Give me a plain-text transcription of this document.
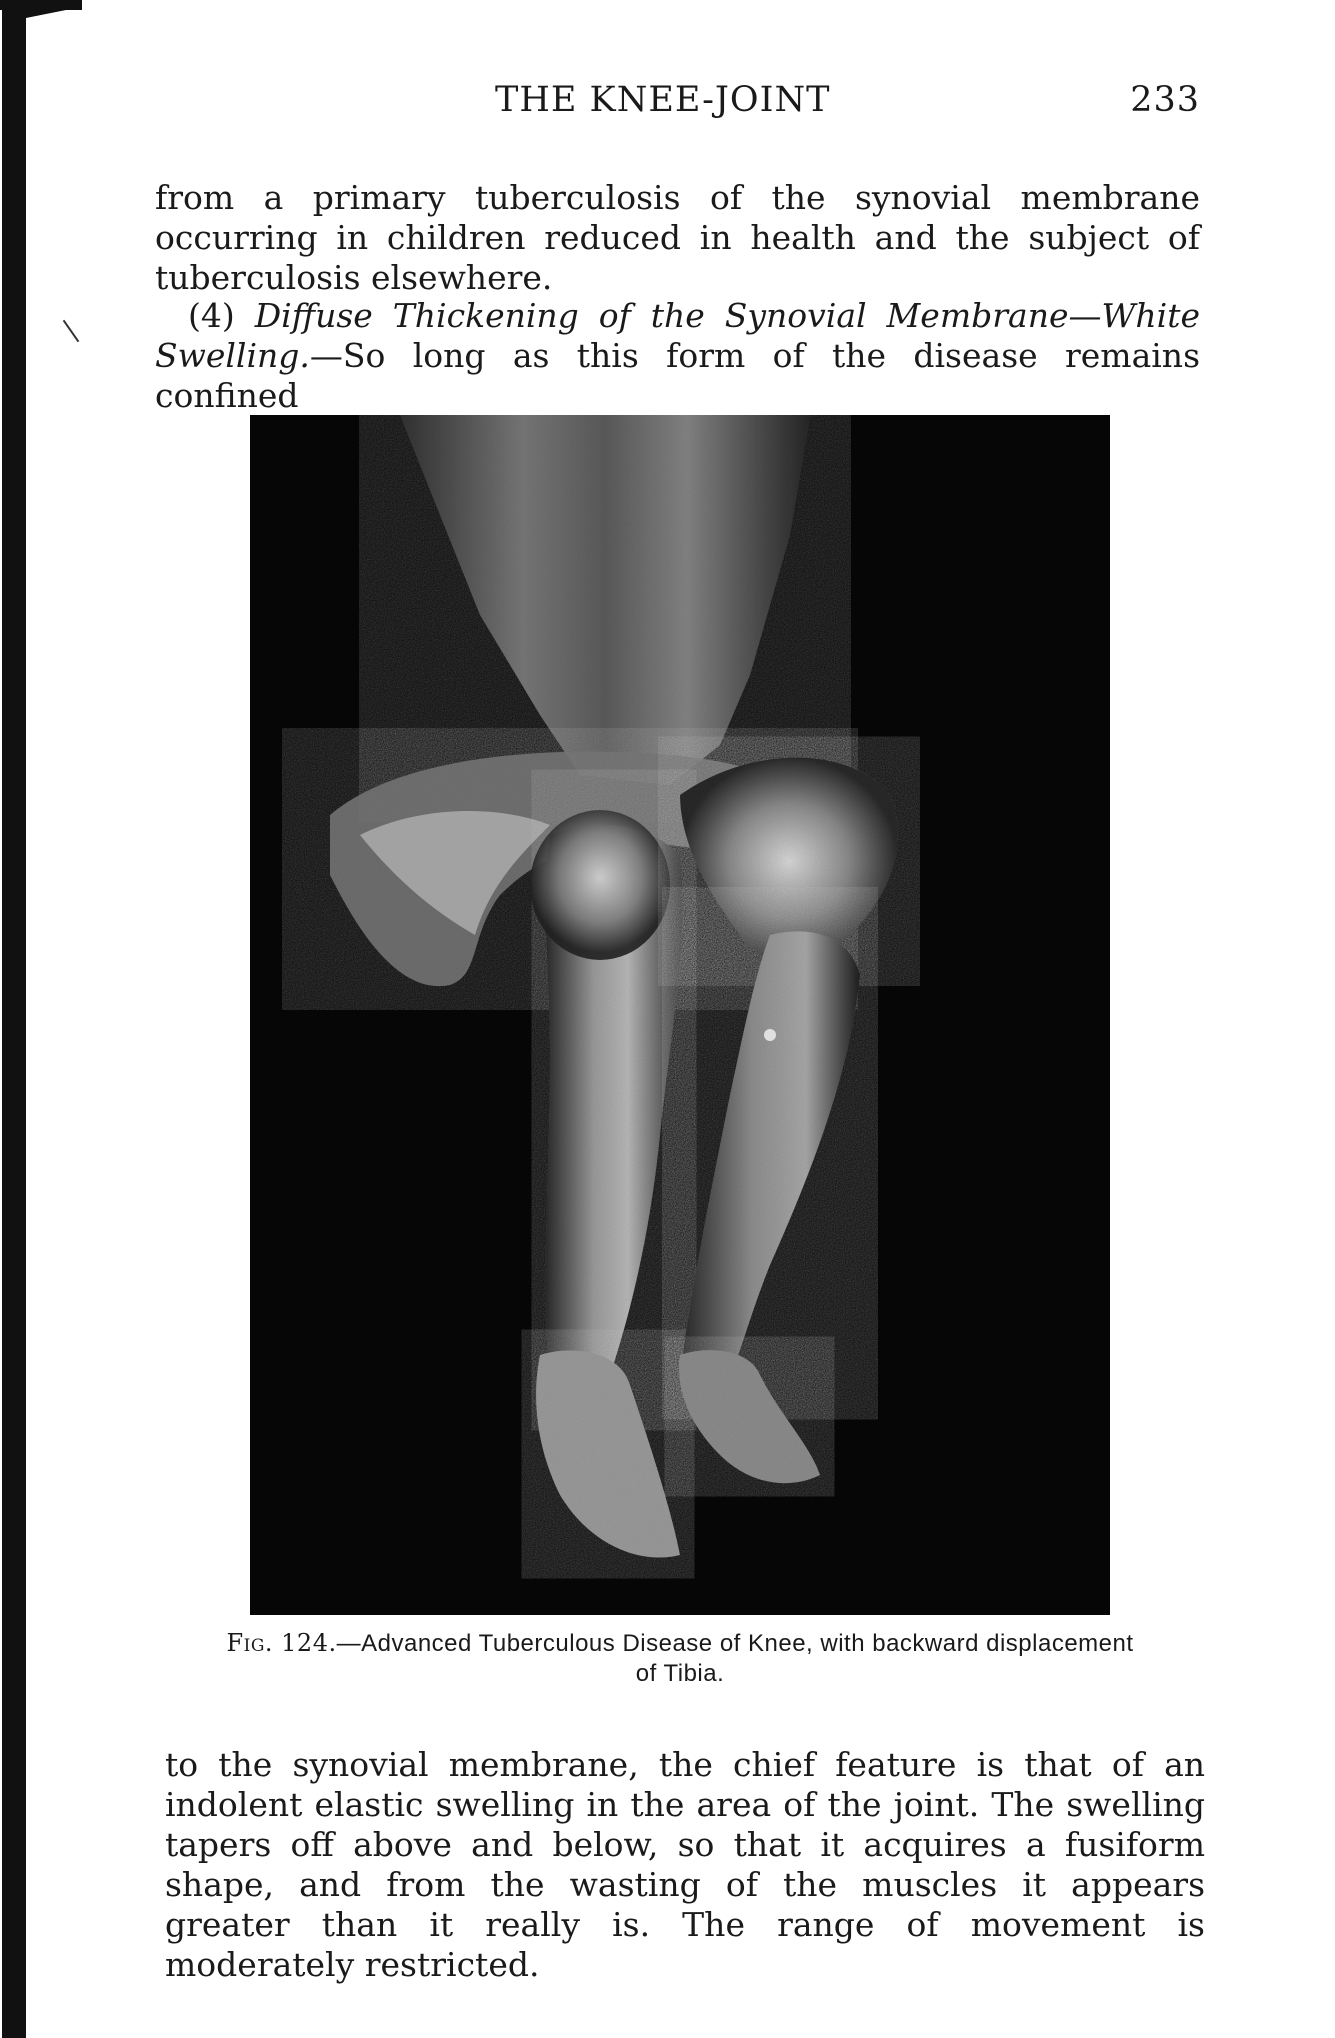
THE KNEE-JOINT	233
from a primary tuberculosis of the synovial membrane occurring in children reduced in health and the subject of tuberculosis elsewhere.
(4) Diffuse Thickening of the Synovial Membrane—White Swelling.—So long as this form of the disease remains confined
Fig. 124.—Advanced Tuberculous Disease of Knee, with backward displacement of Tibia.
to the synovial membrane, the chief feature is that of an indolent elastic swelling in the area of the joint. The swelling tapers off above and below, so that it acquires a fusiform shape, and from the wasting of the muscles it appears greater than it really is. The range of movement is moderately restricted.
